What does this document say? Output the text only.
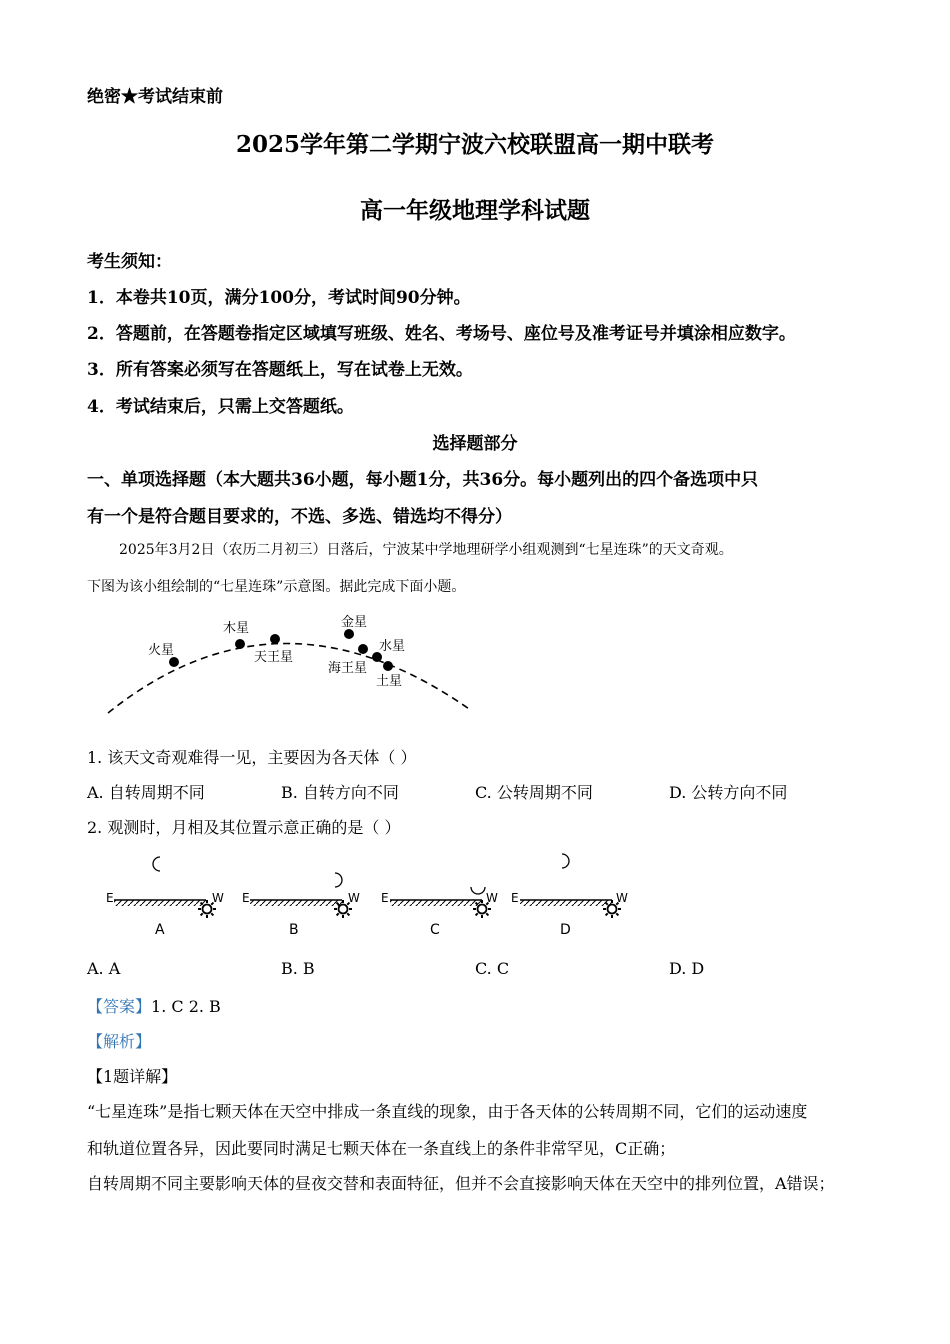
绝密★考试结束前
2025学年第二学期宁波六校联盟高一期中联考
高一年级地理学科试题
考生须知：
1．本卷共10页，满分100分，考试时间90分钟。
2．答题前，在答题卷指定区域填写班级、姓名、考场号、座位号及准考证号并填涂相应数字。
3．所有答案必须写在答题纸上，写在试卷上无效。
4．考试结束后，只需上交答题纸。
选择题部分
一、单项选择题（本大题共36小题，每小题1分，共36分。每小题列出的四个备选项中只
有一个是符合题目要求的，不选、多选、错选均不得分）
2025年3月2日（农历二月初三）日落后，宁波某中学地理研学小组观测到“七星连珠”的天文奇观。
下图为该小组绘制的“七星连珠”示意图。据此完成下面小题。
火星
木星
天王星
金星
水星
海王星
土星
1. 该天文奇观难得一见，主要因为各天体（ ）
A. 自转周期不同	B. 自转方向不同	C. 公转周期不同	D. 公转方向不同
2. 观测时，月相及其位置示意正确的是（ ）
E	W
A
E	W
B
E	W
C
E	W
D
A. A	B. B	C. C	D. D
【答案】1. C 2. B
【解析】
【1题详解】
“七星连珠”是指七颗天体在天空中排成一条直线的现象，由于各天体的公转周期不同，它们的运动速度
和轨道位置各异，因此要同时满足七颗天体在一条直线上的条件非常罕见，C正确；
自转周期不同主要影响天体的昼夜交替和表面特征，但并不会直接影响天体在天空中的排列位置，A错误；
